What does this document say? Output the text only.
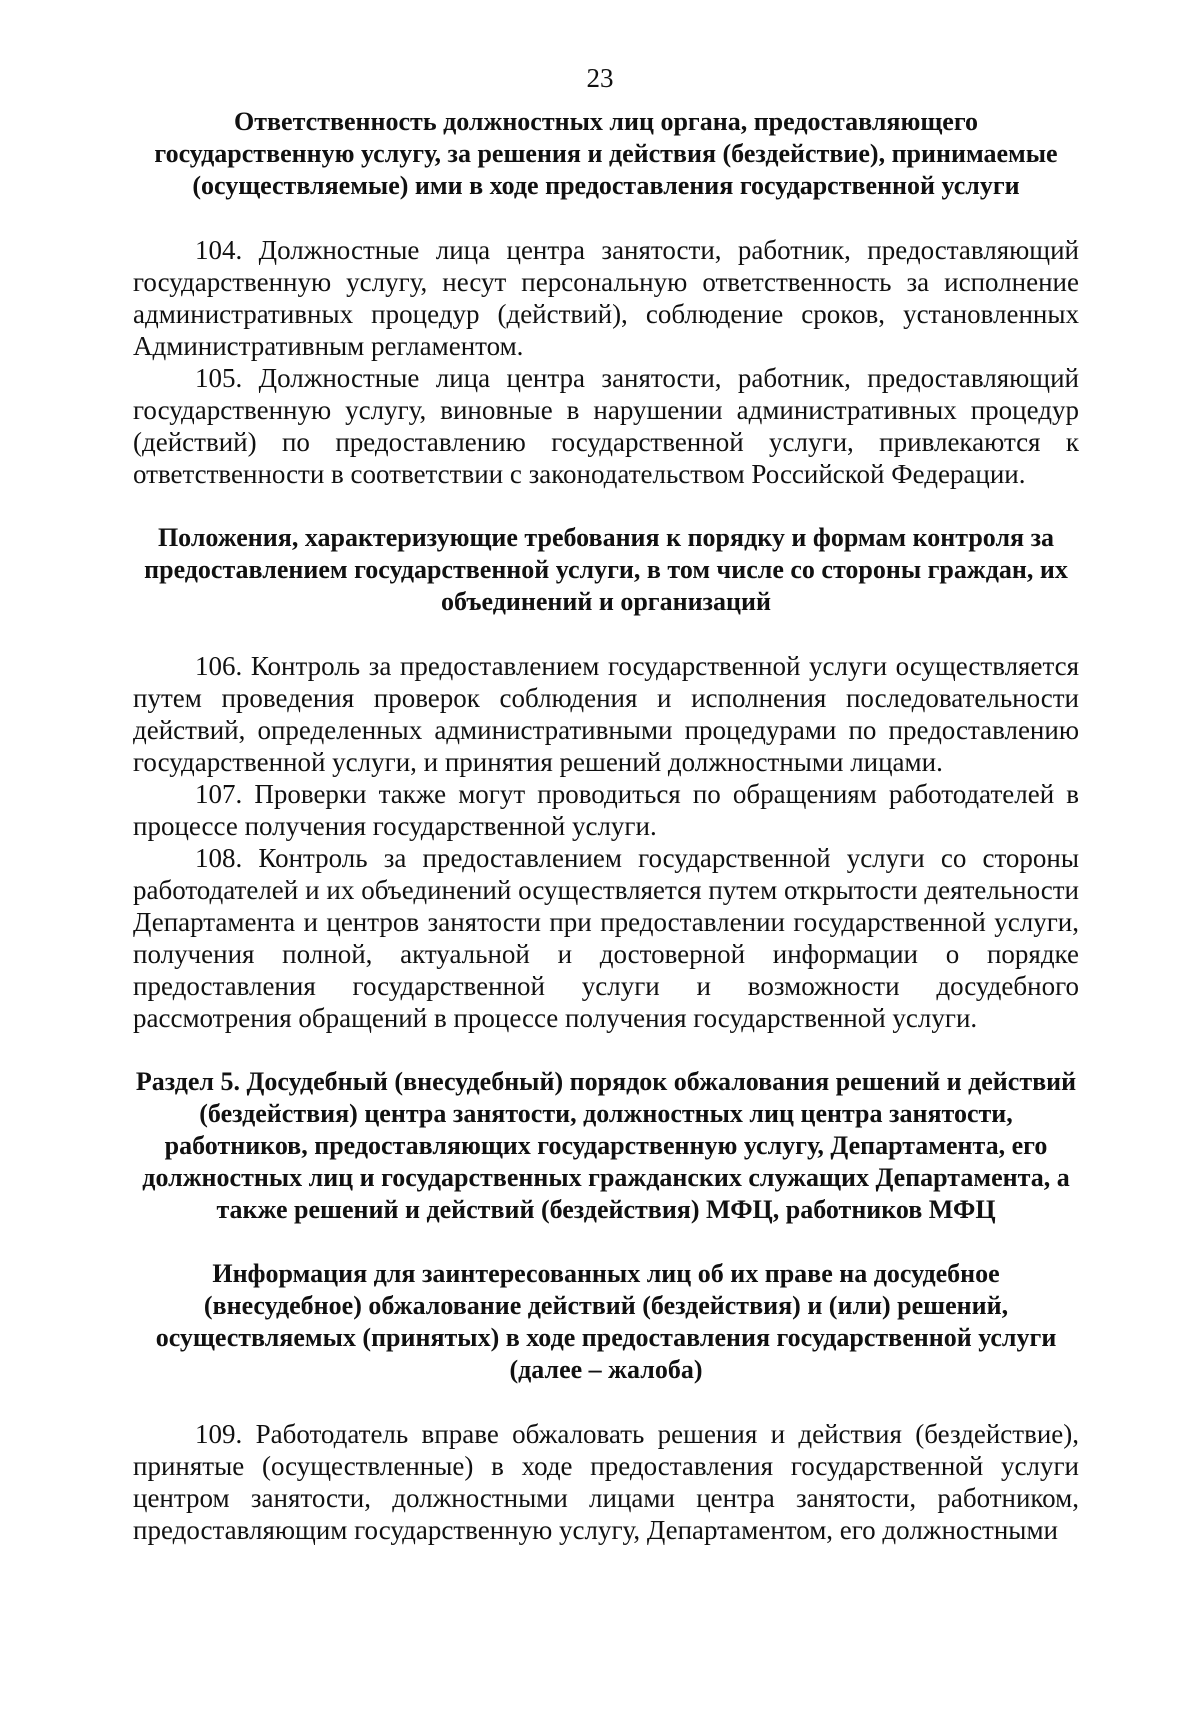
23

Ответственность должностных лиц органа, предоставляющего государственную услугу, за решения и действия (бездействие), принимаемые (осуществляемые) ими в ходе предоставления государственной услуги

104. Должностные лица центра занятости, работник, предоставляющий государственную услугу, несут персональную ответственность за исполнение административных процедур (действий), соблюдение сроков, установленных Административным регламентом.

105. Должностные лица центра занятости, работник, предоставляющий государственную услугу, виновные в нарушении административных процедур (действий) по предоставлению государственной услуги, привлекаются к ответственности в соответствии с законодательством Российской Федерации.

Положения, характеризующие требования к порядку и формам контроля за предоставлением государственной услуги, в том числе со стороны граждан, их объединений и организаций

106. Контроль за предоставлением государственной услуги осуществляется путем проведения проверок соблюдения и исполнения последовательности действий, определенных административными процедурами по предоставлению государственной услуги, и принятия решений должностными лицами.

107. Проверки также могут проводиться по обращениям работодателей в процессе получения государственной услуги.

108. Контроль за предоставлением государственной услуги со стороны работодателей и их объединений осуществляется путем открытости деятельности Департамента и центров занятости при предоставлении государственной услуги, получения полной, актуальной и достоверной информации о порядке предоставления государственной услуги и возможности досудебного рассмотрения обращений в процессе получения государственной услуги.

Раздел 5. Досудебный (внесудебный) порядок обжалования решений и действий (бездействия) центра занятости, должностных лиц центра занятости, работников, предоставляющих государственную услугу, Департамента, его должностных лиц и государственных гражданских служащих Департамента, а также решений и действий (бездействия) МФЦ, работников МФЦ

Информация для заинтересованных лиц об их праве на досудебное (внесудебное) обжалование действий (бездействия) и (или) решений, осуществляемых (принятых) в ходе предоставления государственной услуги (далее – жалоба)

109. Работодатель вправе обжаловать решения и действия (бездействие), принятые (осуществленные) в ходе предоставления государственной услуги центром занятости, должностными лицами центра занятости, работником, предоставляющим государственную услугу, Департаментом, его должностными
